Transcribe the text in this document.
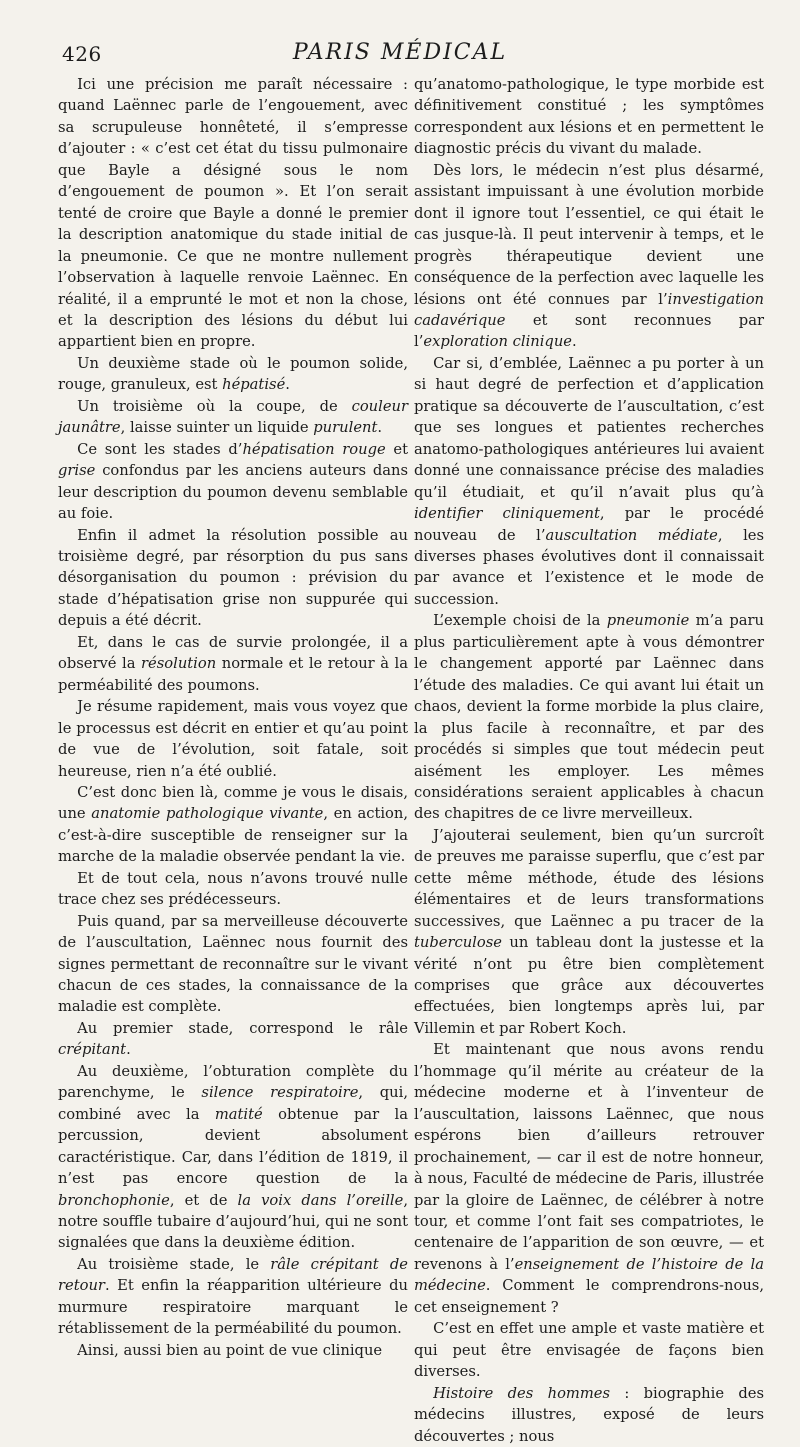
426	PARIS MÉDICAL

Ici une précision me paraît nécessaire : quand Laënnec parle de l’engouement, avec sa scrupuleuse honnêteté, il s’empresse d’ajouter : « c’est cet état du tissu pulmonaire que Bayle a désigné sous le nom d’engouement de poumon ». Et l’on serait tenté de croire que Bayle a donné le premier la description anatomique du stade initial de la pneumonie. Ce que ne montre nullement l’observation à laquelle renvoie Laënnec. En réalité, il a emprunté le mot et non la chose, et la description des lésions du début lui appartient bien en propre.

Un deuxième stade où le poumon solide, rouge, granuleux, est hépatisé.

Un troisième où la coupe, de couleur jaunâtre, laisse suinter un liquide purulent.

Ce sont les stades d’hépatisation rouge et grise confondus par les anciens auteurs dans leur description du poumon devenu semblable au foie.

Enfin il admet la résolution possible au troisième degré, par résorption du pus sans désorganisation du poumon : prévision du stade d’hépatisation grise non suppurée qui depuis a été décrit.

Et, dans le cas de survie prolongée, il a observé la résolution normale et le retour à la perméabilité des poumons.

Je résume rapidement, mais vous voyez que le processus est décrit en entier et qu’au point de vue de l’évolution, soit fatale, soit heureuse, rien n’a été oublié.

C’est donc bien là, comme je vous le disais, une anatomie pathologique vivante, en action, c’est-à-dire susceptible de renseigner sur la marche de la maladie observée pendant la vie.

Et de tout cela, nous n’avons trouvé nulle trace chez ses prédécesseurs.

Puis quand, par sa merveilleuse découverte de l’auscultation, Laënnec nous fournit des signes permettant de reconnaître sur le vivant chacun de ces stades, la connaissance de la maladie est complète.

Au premier stade, correspond le râle crépitant.

Au deuxième, l’obturation complète du parenchyme, le silence respiratoire, qui, combiné avec la matité obtenue par la percussion, devient absolument caractéristique. Car, dans l’édition de 1819, il n’est pas encore question de la bronchophonie, et de la voix dans l’oreille, notre souffle tubaire d’aujourd’hui, qui ne sont signalées que dans la deuxième édition.

Au troisième stade, le râle crépitant de retour. Et enfin la réapparition ultérieure du murmure respiratoire marquant le rétablissement de la perméabilité du poumon.

Ainsi, aussi bien au point de vue clinique

qu’anatomo-pathologique, le type morbide est définitivement constitué ; les symptômes correspondent aux lésions et en permettent le diagnostic précis du vivant du malade.

Dès lors, le médecin n’est plus désarmé, assistant impuissant à une évolution morbide dont il ignore tout l’essentiel, ce qui était le cas jusque-là. Il peut intervenir à temps, et le progrès thérapeutique devient une conséquence de la perfection avec laquelle les lésions ont été connues par l’investigation cadavérique et sont reconnues par l’exploration clinique.

Car si, d’emblée, Laënnec a pu porter à un si haut degré de perfection et d’application pratique sa découverte de l’auscultation, c’est que ses longues et patientes recherches anatomo-pathologiques antérieures lui avaient donné une connaissance précise des maladies qu’il étudiait, et qu’il n’avait plus qu’à identifier cliniquement, par le procédé nouveau de l’auscultation médiate, les diverses phases évolutives dont il connaissait par avance et l’existence et le mode de succession.

L’exemple choisi de la pneumonie m’a paru plus particulièrement apte à vous démontrer le changement apporté par Laënnec dans l’étude des maladies. Ce qui avant lui était un chaos, devient la forme morbide la plus claire, la plus facile à reconnaître, et par des procédés si simples que tout médecin peut aisément les employer. Les mêmes considérations seraient applicables à chacun des chapitres de ce livre merveilleux.

J’ajouterai seulement, bien qu’un surcroît de preuves me paraisse superflu, que c’est par cette même méthode, étude des lésions élémentaires et de leurs transformations successives, que Laënnec a pu tracer de la tuberculose un tableau dont la justesse et la vérité n’ont pu être bien complètement comprises que grâce aux découvertes effectuées, bien longtemps après lui, par Villemin et par Robert Koch.

Et maintenant que nous avons rendu l’hommage qu’il mérite au créateur de la médecine moderne et à l’inventeur de l’auscultation, laissons Laënnec, que nous espérons bien d’ailleurs retrouver prochainement, — car il est de notre honneur, à nous, Faculté de médecine de Paris, illustrée par la gloire de Laënnec, de célébrer à notre tour, et comme l’ont fait ses compatriotes, le centenaire de l’apparition de son œuvre, — et revenons à l’enseignement de l’histoire de la médecine. Comment le comprendrons-nous, cet enseignement ?

C’est en effet une ample et vaste matière et qui peut être envisagée de façons bien diverses.

Histoire des hommes : biographie des médecins illustres, exposé de leurs découvertes ; nous
